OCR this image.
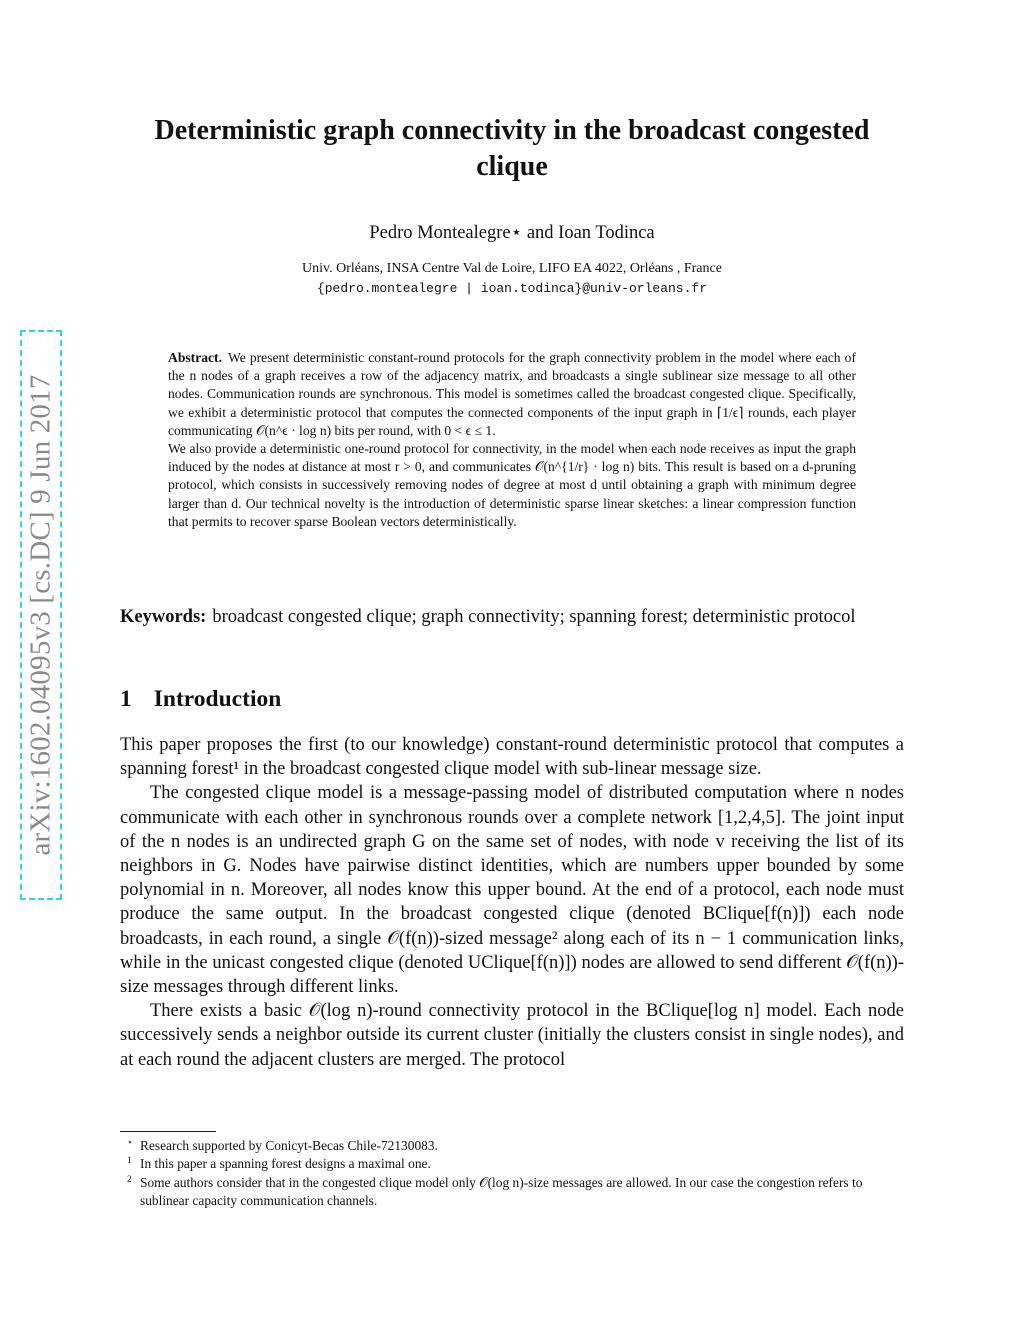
arXiv:1602.04095v3 [cs.DC] 9 Jun 2017
Deterministic graph connectivity in the broadcast congested clique
Pedro Montealegre⋆ and Ioan Todinca
Univ. Orléans, INSA Centre Val de Loire, LIFO EA 4022, Orléans , France
{pedro.montealegre | ioan.todinca}@univ-orleans.fr

Abstract. We present deterministic constant-round protocols for the graph connectivity problem in the model where each of the n nodes of a graph receives a row of the adjacency matrix, and broadcasts a single sublinear size message to all other nodes. Communication rounds are synchronous. This model is sometimes called the broadcast congested clique. Specifically, we exhibit a deterministic protocol that computes the connected components of the input graph in ⌈1/ϵ⌉ rounds, each player communicating 𝒪(n^ϵ · log n) bits per round, with 0 < ϵ ≤ 1.

We also provide a deterministic one-round protocol for connectivity, in the model when each node receives as input the graph induced by the nodes at distance at most r > 0, and communicates 𝒪(n^{1/r} · log n) bits. This result is based on a d-pruning protocol, which consists in successively removing nodes of degree at most d until obtaining a graph with minimum degree larger than d. Our technical novelty is the introduction of deterministic sparse linear sketches: a linear compression function that permits to recover sparse Boolean vectors deterministically.

Keywords: broadcast congested clique; graph connectivity; spanning forest; deterministic protocol
1 Introduction

This paper proposes the first (to our knowledge) constant-round deterministic protocol that computes a spanning forest¹ in the broadcast congested clique model with sub-linear message size.

The congested clique model is a message-passing model of distributed computation where n nodes communicate with each other in synchronous rounds over a complete network [1,2,4,5]. The joint input of the n nodes is an undirected graph G on the same set of nodes, with node v receiving the list of its neighbors in G. Nodes have pairwise distinct identities, which are numbers upper bounded by some polynomial in n. Moreover, all nodes know this upper bound. At the end of a protocol, each node must produce the same output. In the broadcast congested clique (denoted BClique[f(n)]) each node broadcasts, in each round, a single 𝒪(f(n))-sized message² along each of its n − 1 communication links, while in the unicast congested clique (denoted UClique[f(n)]) nodes are allowed to send different 𝒪(f(n))-size messages through different links.

There exists a basic 𝒪(log n)-round connectivity protocol in the BClique[log n] model. Each node successively sends a neighbor outside its current cluster (initially the clusters consist in single nodes), and at each round the adjacent clusters are merged. The protocol

⋆ Research supported by Conicyt-Becas Chile-72130083.
1 In this paper a spanning forest designs a maximal one.
2 Some authors consider that in the congested clique model only 𝒪(log n)-size messages are allowed. In our case the congestion refers to sublinear capacity communication channels.
